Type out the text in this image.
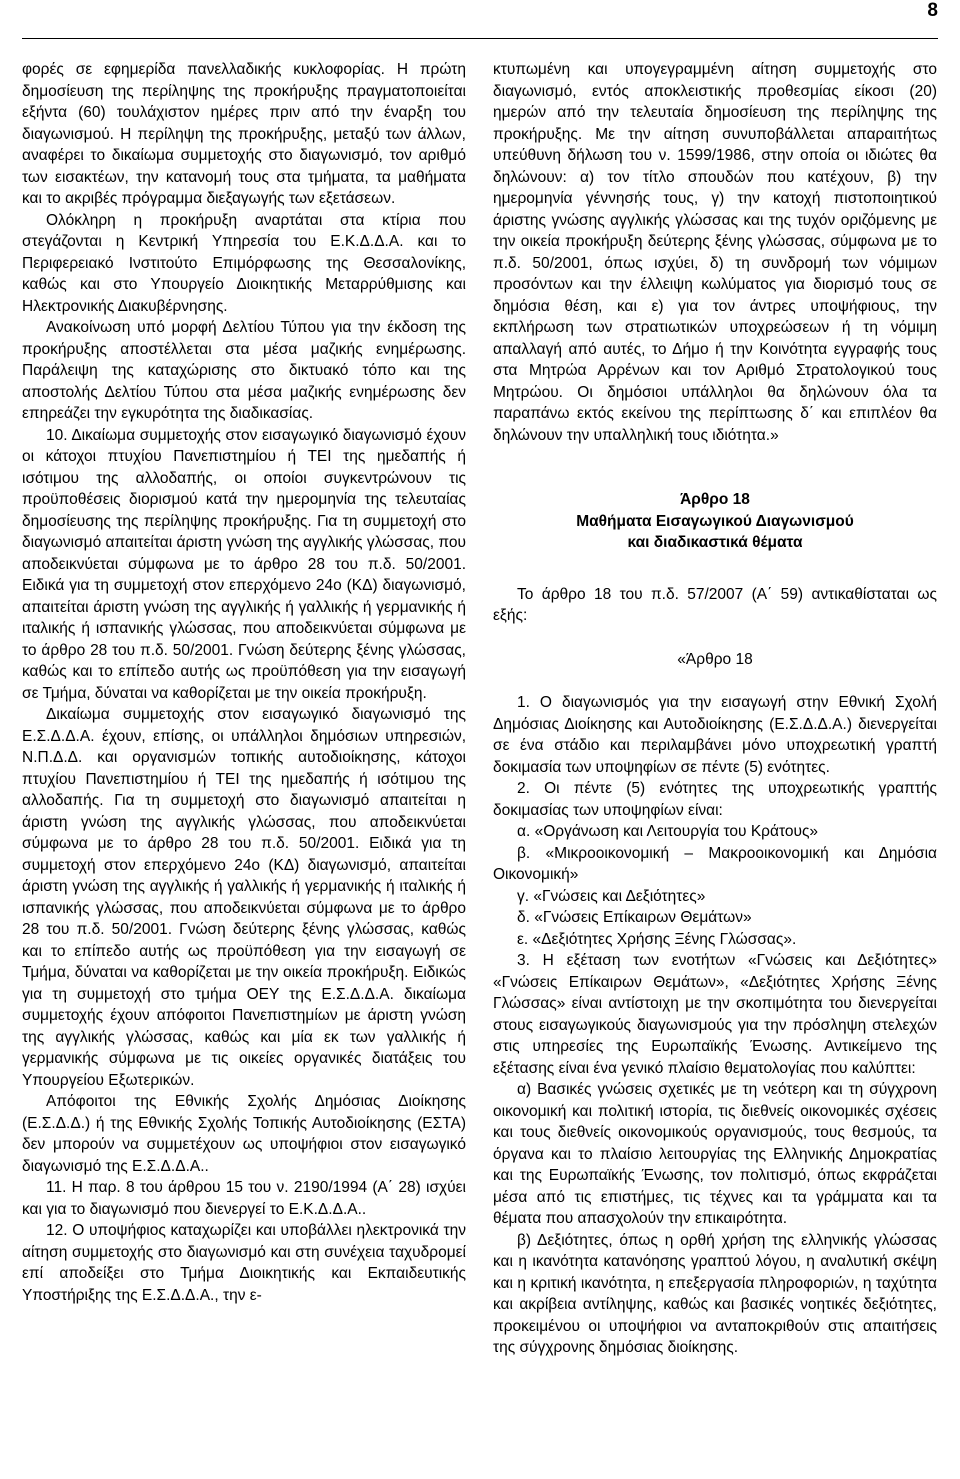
8

φορές σε εφημερίδα πανελλαδικής κυκλοφορίας. Η πρώτη δημοσίευση της περίληψης της προκήρυξης πραγματοποιείται εξήντα (60) τουλάχιστον ημέρες πριν από την έναρξη του διαγωνισμού. Η περίληψη της προκήρυξης, μεταξύ των άλλων, αναφέρει το δικαίωμα συμμετοχής στο διαγωνισμό, τον αριθμό των εισακτέων, την κατανομή τους στα τμήματα, τα μαθήματα και το ακριβές πρόγραμμα διεξαγωγής των εξετάσεων.

Ολόκληρη η προκήρυξη αναρτάται στα κτίρια που στεγάζονται η Κεντρική Υπηρεσία του Ε.Κ.Δ.Δ.Α. και το Περιφερειακό Ινστιτούτο Επιμόρφωσης της Θεσσαλονίκης, καθώς και στο Υπουργείο Διοικητικής Μεταρρύθμισης και Ηλεκτρονικής Διακυβέρνησης.

Ανακοίνωση υπό μορφή Δελτίου Τύπου για την έκδοση της προκήρυξης αποστέλλεται στα μέσα μαζικής ενημέρωσης. Παράλειψη της καταχώρισης στο δικτυακό τόπο και της αποστολής Δελτίου Τύπου στα μέσα μαζικής ενημέρωσης δεν επηρεάζει την εγκυρότητα της διαδικασίας.

10. Δικαίωμα συμμετοχής στον εισαγωγικό διαγωνισμό έχουν οι κάτοχοι πτυχίου Πανεπιστημίου ή ΤΕΙ της ημεδαπής ή ισότιμου της αλλοδαπής, οι οποίοι συγκεντρώνουν τις προϋποθέσεις διορισμού κατά την ημερομηνία της τελευταίας δημοσίευσης της περίληψης προκήρυξης. Για τη συμμετοχή στο διαγωνισμό απαιτείται άριστη γνώση της αγγλικής γλώσσας, που αποδεικνύεται σύμφωνα με το άρθρο 28 του π.δ. 50/2001. Ειδικά για τη συμμετοχή στον επερχόμενο 24ο (ΚΔ) διαγωνισμό, απαιτείται άριστη γνώση της αγγλικής ή γαλλικής ή γερμανικής ή ιταλικής ή ισπανικής γλώσσας, που αποδεικνύεται σύμφωνα με το άρθρο 28 του π.δ. 50/2001. Γνώση δεύτερης ξένης γλώσσας, καθώς και το επίπεδο αυτής ως προϋπόθεση για την εισαγωγή σε Τμήμα, δύναται να καθορίζεται με την οικεία προκήρυξη.

Δικαίωμα συμμετοχής στον εισαγωγικό διαγωνισμό της Ε.Σ.Δ.Δ.Α. έχουν, επίσης, οι υπάλληλοι δημόσιων υπηρεσιών, Ν.Π.Δ.Δ. και οργανισμών τοπικής αυτοδιοίκησης, κάτοχοι πτυχίου Πανεπιστημίου ή ΤΕΙ της ημεδαπής ή ισότιμου της αλλοδαπής. Για τη συμμετοχή στο διαγωνισμό απαιτείται η άριστη γνώση της αγγλικής γλώσσας, που αποδεικνύεται σύμφωνα με το άρθρο 28 του π.δ. 50/2001. Ειδικά για τη συμμετοχή στον επερχόμενο 24ο (ΚΔ) διαγωνισμό, απαιτείται άριστη γνώση της αγγλικής ή γαλλικής ή γερμανικής ή ιταλικής ή ισπανικής γλώσσας, που αποδεικνύεται σύμφωνα με το άρθρο 28 του π.δ. 50/2001. Γνώση δεύτερης ξένης γλώσσας, καθώς και το επίπεδο αυτής ως προϋπόθεση για την εισαγωγή σε Τμήμα, δύναται να καθορίζεται με την οικεία προκήρυξη. Ειδικώς για τη συμμετοχή στο τμήμα ΟΕΥ της Ε.Σ.Δ.Δ.Α. δικαίωμα συμμετοχής έχουν απόφοιτοι Πανεπιστημίων με άριστη γνώση της αγγλικής γλώσσας, καθώς και μία εκ των γαλλικής ή γερμανικής σύμφωνα με τις οικείες οργανικές διατάξεις του Υπουργείου Εξωτερικών.

Απόφοιτοι της Εθνικής Σχολής Δημόσιας Διοίκησης (Ε.Σ.Δ.Δ.) ή της Εθνικής Σχολής Τοπικής Αυτοδιοίκησης (ΕΣΤΑ) δεν μπορούν να συμμετέχουν ως υποψήφιοι στον εισαγωγικό διαγωνισμό της Ε.Σ.Δ.Δ.Α..

11. Η παρ. 8 του άρθρου 15 του ν. 2190/1994 (Α΄ 28) ισχύει και για το διαγωνισμό που διενεργεί το Ε.Κ.Δ.Δ.Α..

12. Ο υποψήφιος καταχωρίζει και υποβάλλει ηλεκτρονικά την αίτηση συμμετοχής στο διαγωνισμό και στη συνέχεια ταχυδρομεί επί αποδείξει στο Τμήμα Διοικητικής και Εκπαιδευτικής Υποστήριξης της Ε.Σ.Δ.Δ.Α., την ε-

κτυπωμένη και υπογεγραμμένη αίτηση συμμετοχής στο διαγωνισμό, εντός αποκλειστικής προθεσμίας είκοσι (20) ημερών από την τελευταία δημοσίευση της περίληψης της προκήρυξης. Με την αίτηση συνυποβάλλεται απαραιτήτως υπεύθυνη δήλωση του ν. 1599/1986, στην οποία οι ιδιώτες θα δηλώνουν: α) τον τίτλο σπουδών που κατέχουν, β) την ημερομηνία γέννησής τους, γ) την κατοχή πιστοποιητικού άριστης γνώσης αγγλικής γλώσσας και της τυχόν οριζόμενης με την οικεία προκήρυξη δεύτερης ξένης γλώσσας, σύμφωνα με το π.δ. 50/2001, όπως ισχύει, δ) τη συνδρομή των νόμιμων προσόντων και την έλλειψη κωλύματος για διορισμό τους σε δημόσια θέση, και ε) για τον άντρες υποψήφιους, την εκπλήρωση των στρατιωτικών υποχρεώσεων ή τη νόμιμη απαλλαγή από αυτές, το Δήμο ή την Κοινότητα εγγραφής τους στα Μητρώα Αρρένων και τον Αριθμό Στρατολογικού τους Μητρώου. Οι δημόσιοι υπάλληλοι θα δηλώνουν όλα τα παραπάνω εκτός εκείνου της περίπτωσης δ΄ και επιπλέον θα δηλώνουν την υπαλληλική τους ιδιότητα.»

Άρθρο 18
Μαθήματα Εισαγωγικού Διαγωνισμού
και διαδικαστικά θέματα

Το άρθρο 18 του π.δ. 57/2007 (Α΄ 59) αντικαθίσταται ως εξής:

«Άρθρο 18

1. Ο διαγωνισμός για την εισαγωγή στην Εθνική Σχολή Δημόσιας Διοίκησης και Αυτοδιοίκησης (Ε.Σ.Δ.Δ.Α.) διενεργείται σε ένα στάδιο και περιλαμβάνει μόνο υποχρεωτική γραπτή δοκιμασία των υποψηφίων σε πέντε (5) ενότητες.

2. Οι πέντε (5) ενότητες της υποχρεωτικής γραπτής δοκιμασίας των υποψηφίων είναι:

α. «Οργάνωση και Λειτουργία του Κράτους»

β. «Μικροοικονομική – Μακροοικονομική και Δημόσια Οικονομική»

γ. «Γνώσεις και Δεξιότητες»

δ. «Γνώσεις Επίκαιρων Θεμάτων»

ε. «Δεξιότητες Χρήσης Ξένης Γλώσσας».

3. Η εξέταση των ενοτήτων «Γνώσεις και Δεξιότητες» «Γνώσεις Επίκαιρων Θεμάτων», «Δεξιότητες Χρήσης Ξένης Γλώσσας» είναι αντίστοιχη με την σκοπιμότητα του διενεργείται στους εισαγωγικούς διαγωνισμούς για την πρόσληψη στελεχών στις υπηρεσίες της Ευρωπαϊκής Ένωσης. Αντικείμενο της εξέτασης είναι ένα γενικό πλαίσιο θεματολογίας που καλύπτει:

α) Βασικές γνώσεις σχετικές με τη νεότερη και τη σύγχρονη οικονομική και πολιτική ιστορία, τις διεθνείς οικονομικές σχέσεις και τους διεθνείς οικονομικούς οργανισμούς, τους θεσμούς, τα όργανα και το πλαίσιο λειτουργίας της Ελληνικής Δημοκρατίας και της Ευρωπαϊκής Ένωσης, τον πολιτισμό, όπως εκφράζεται μέσα από τις επιστήμες, τις τέχνες και τα γράμματα και τα θέματα που απασχολούν την επικαιρότητα.

β) Δεξιότητες, όπως η ορθή χρήση της ελληνικής γλώσσας και η ικανότητα κατανόησης γραπτού λόγου, η αναλυτική σκέψη και η κριτική ικανότητα, η επεξεργασία πληροφοριών, η ταχύτητα και ακρίβεια αντίληψης, καθώς και βασικές νοητικές δεξιότητες, προκειμένου οι υποψήφιοι να ανταποκριθούν στις απαιτήσεις της σύγχρονης δημόσιας διοίκησης.
